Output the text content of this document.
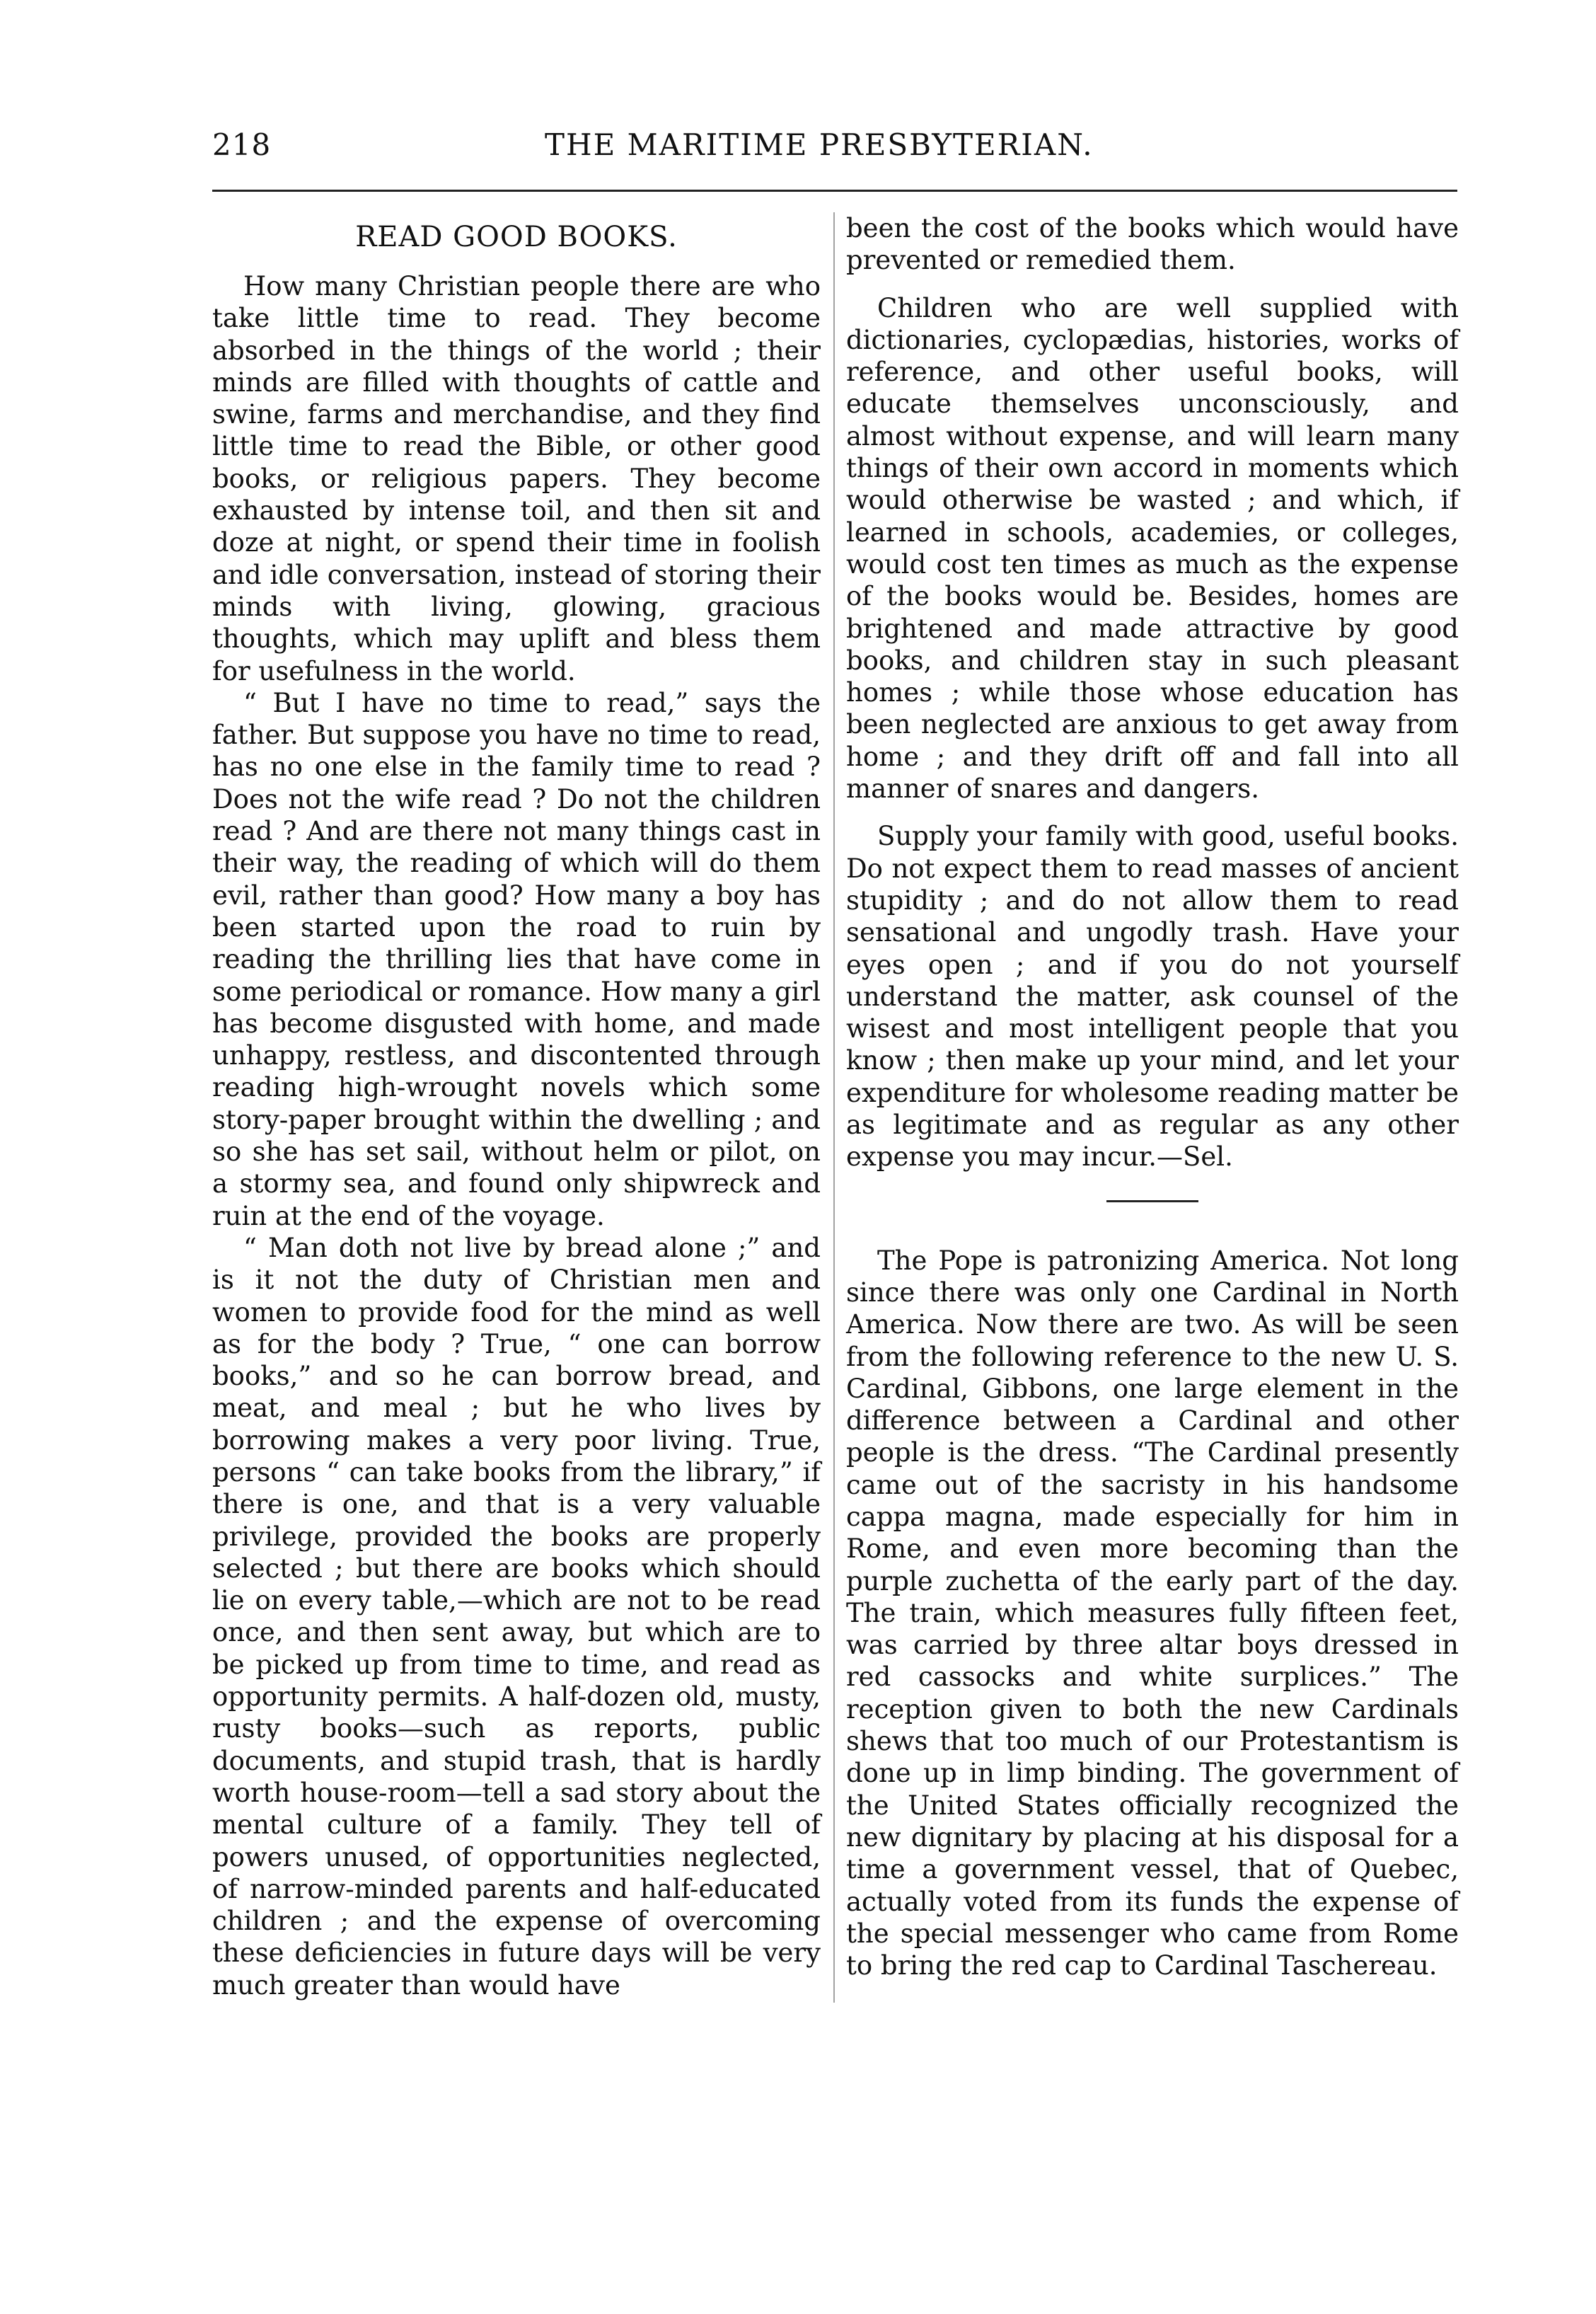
218	THE MARITIME PRESBYTERIAN.
READ GOOD BOOKS.

How many Christian people there are who take little time to read. They become absorbed in the things of the world ; their minds are filled with thoughts of cattle and swine, farms and merchandise, and they find little time to read the Bible, or other good books, or religious papers. They become exhausted by intense toil, and then sit and doze at night, or spend their time in foolish and idle conversation, instead of storing their minds with living, glowing, gracious thoughts, which may uplift and bless them for usefulness in the world.

“ But I have no time to read,” says the father. But suppose you have no time to read, has no one else in the family time to read ? Does not the wife read ? Do not the children read ? And are there not many things cast in their way, the reading of which will do them evil, rather than good? How many a boy has been started upon the road to ruin by reading the thrilling lies that have come in some periodical or romance. How many a girl has become disgusted with home, and made unhappy, restless, and discontented through reading high-wrought novels which some story-paper brought within the dwelling ; and so she has set sail, without helm or pilot, on a stormy sea, and found only shipwreck and ruin at the end of the voyage.

“ Man doth not live by bread alone ;” and is it not the duty of Christian men and women to provide food for the mind as well as for the body ? True, “ one can borrow books,” and so he can borrow bread, and meat, and meal ; but he who lives by borrowing makes a very poor living. True, persons “ can take books from the library,” if there is one, and that is a very valuable privilege, provided the books are properly selected ; but there are books which should lie on every table,—which are not to be read once, and then sent away, but which are to be picked up from time to time, and read as opportunity permits. A half-dozen old, musty, rusty books—such as reports, public documents, and stupid trash, that is hardly worth house-room—tell a sad story about the mental culture of a family. They tell of powers unused, of opportunities neglected, of narrow-minded parents and half-educated children ; and the expense of overcoming these deficiencies in future days will be very much greater than would have

been the cost of the books which would have prevented or remedied them.

Children who are well supplied with dictionaries, cyclopædias, histories, works of reference, and other useful books, will educate themselves unconsciously, and almost without expense, and will learn many things of their own accord in moments which would otherwise be wasted ; and which, if learned in schools, academies, or colleges, would cost ten times as much as the expense of the books would be. Besides, homes are brightened and made attractive by good books, and children stay in such pleasant homes ; while those whose education has been neglected are anxious to get away from home ; and they drift off and fall into all manner of snares and dangers.

Supply your family with good, useful books. Do not expect them to read masses of ancient stupidity ; and do not allow them to read sensational and ungodly trash. Have your eyes open ; and if you do not yourself understand the matter, ask counsel of the wisest and most intelligent people that you know ; then make up your mind, and let your expenditure for wholesome reading matter be as legitimate and as regular as any other expense you may incur.—Sel.

The Pope is patronizing America. Not long since there was only one Cardinal in North America. Now there are two. As will be seen from the following reference to the new U. S. Cardinal, Gibbons, one large element in the difference between a Cardinal and other people is the dress. “The Cardinal presently came out of the sacristy in his handsome cappa magna, made especially for him in Rome, and even more becoming than the purple zuchetta of the early part of the day. The train, which measures fully fifteen feet, was carried by three altar boys dressed in red cassocks and white surplices.” The reception given to both the new Cardinals shews that too much of our Protestantism is done up in limp binding. The government of the United States officially recognized the new dignitary by placing at his disposal for a time a government vessel, that of Quebec, actually voted from its funds the expense of the special messenger who came from Rome to bring the red cap to Cardinal Taschereau.
